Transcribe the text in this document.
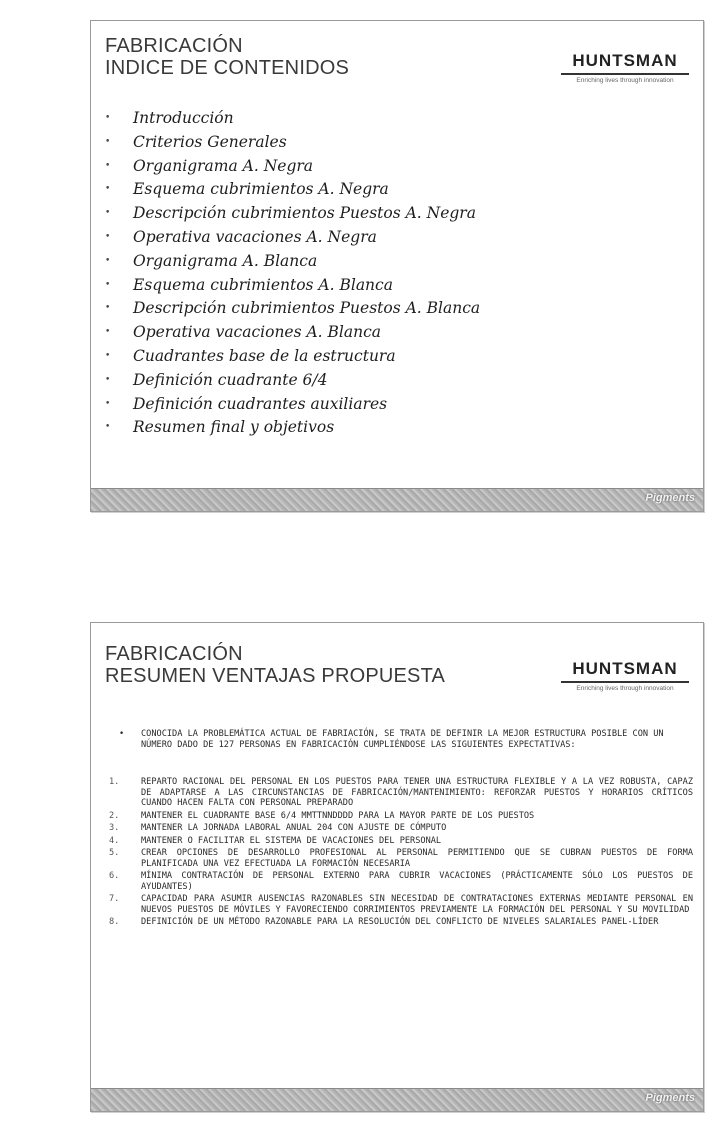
FABRICACIÓN
INDICE DE CONTENIDOS	HUNTSMAN
Enriching lives through innovation
•	Introducción
•	Criterios Generales
•	Organigrama A. Negra
•	Esquema cubrimientos A. Negra
•	Descripción cubrimientos Puestos A. Negra
•	Operativa vacaciones A. Negra
•	Organigrama A. Blanca
•	Esquema cubrimientos A. Blanca
•	Descripción cubrimientos Puestos A. Blanca
•	Operativa vacaciones A. Blanca
•	Cuadrantes base de la estructura
•	Definición cuadrante 6/4
•	Definición cuadrantes auxiliares
•	Resumen final y objetivos
Pigments
FABRICACIÓN
RESUMEN VENTAJAS PROPUESTA	HUNTSMAN
Enriching lives through innovation
•	CONOCIDA LA PROBLEMÁTICA ACTUAL DE FABRIACIÓN, SE TRATA DE DEFINIR LA MEJOR ESTRUCTURA POSIBLE CON UN NÚMERO DADO DE 127 PERSONAS EN FABRICACIÓN CUMPLIÉNDOSE LAS SIGUIENTES EXPECTATIVAS:
1.	REPARTO RACIONAL DEL PERSONAL EN LOS PUESTOS PARA TENER UNA ESTRUCTURA FLEXIBLE Y A LA VEZ ROBUSTA, CAPAZ DE ADAPTARSE A LAS CIRCUNSTANCIAS DE FABRICACIÓN/MANTENIMIENTO: REFORZAR PUESTOS Y HORARIOS CRÍTICOS CUANDO HACEN FALTA CON PERSONAL PREPARADO
2.	MANTENER EL CUADRANTE BASE 6/4 MMTTNNDDDD PARA LA MAYOR PARTE DE LOS PUESTOS
3.	MANTENER LA JORNADA LABORAL ANUAL 204 CON AJUSTE DE CÓMPUTO
4.	MANTENER O FACILITAR EL SISTEMA DE VACACIONES DEL PERSONAL
5.	CREAR OPCIONES DE DESARROLLO PROFESIONAL AL PERSONAL PERMITIENDO QUE SE CUBRAN PUESTOS DE FORMA PLANIFICADA UNA VEZ EFECTUADA LA FORMACIÓN NECESARIA
6.	MÍNIMA CONTRATACIÓN DE PERSONAL EXTERNO PARA CUBRIR VACACIONES (PRÁCTICAMENTE SÓLO LOS PUESTOS DE AYUDANTES)
7.	CAPACIDAD PARA ASUMIR AUSENCIAS RAZONABLES SIN NECESIDAD DE CONTRATACIONES EXTERNAS MEDIANTE PERSONAL EN NUEVOS PUESTOS DE MÓVILES Y FAVORECIENDO CORRIMIENTOS PREVIAMENTE LA FORMACIÓN DEL PERSONAL Y SU MOVILIDAD
8.	DEFINICIÓN DE UN MÉTODO RAZONABLE PARA LA RESOLUCIÓN DEL CONFLICTO DE NIVELES SALARIALES PANEL-LÍDER
Pigments
